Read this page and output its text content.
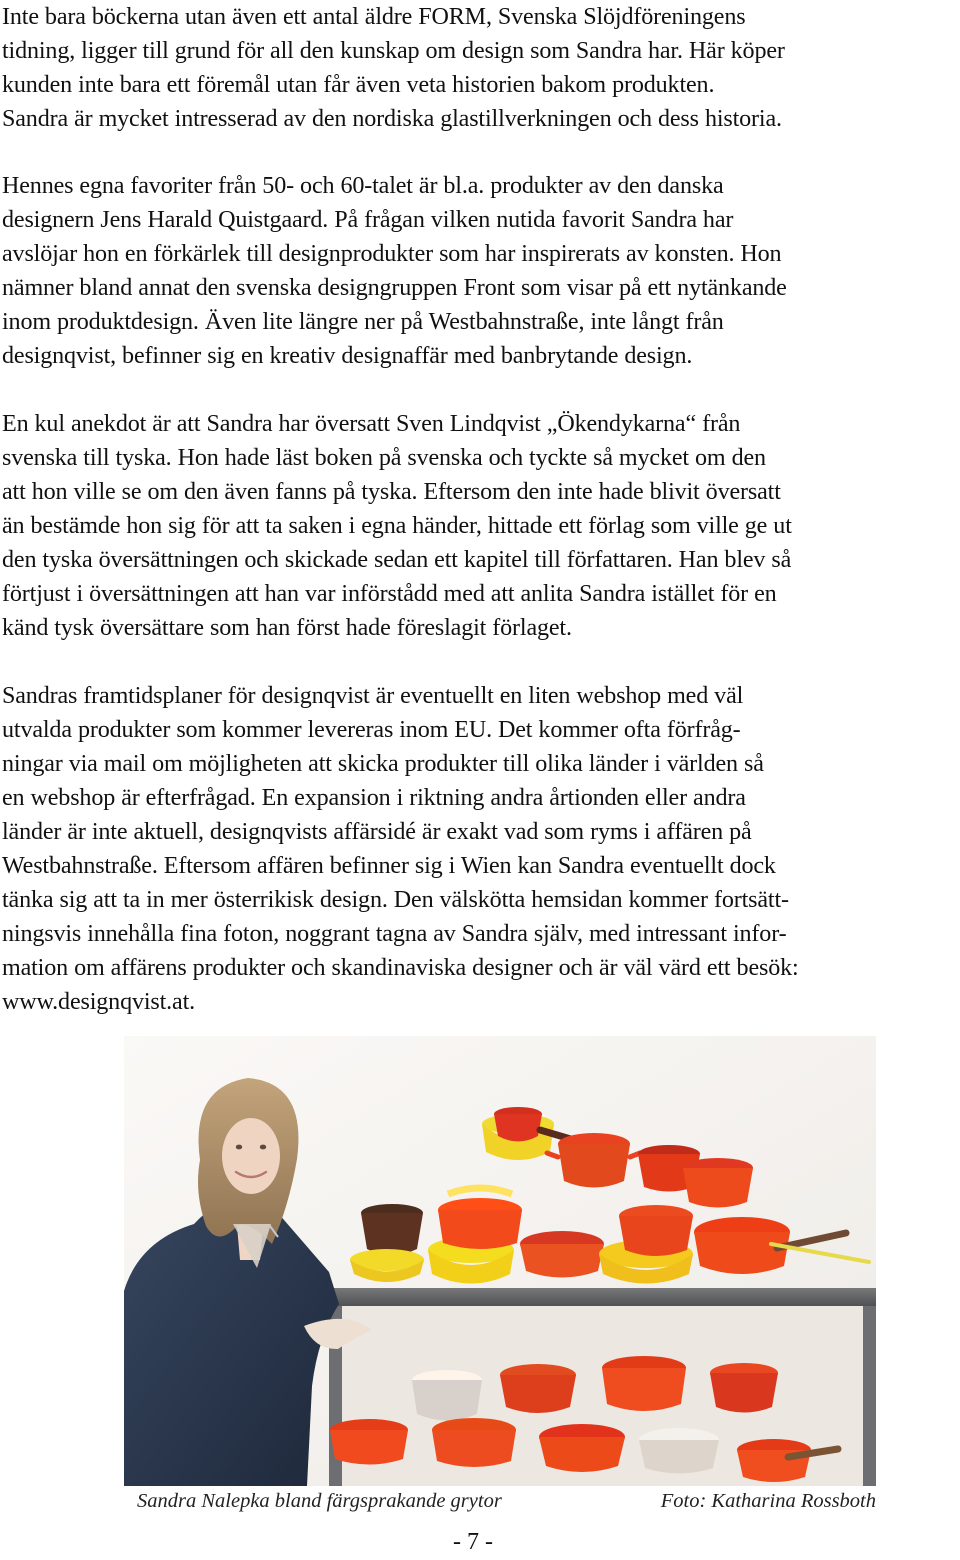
Inte bara böckerna utan även ett antal äldre FORM, Svenska Slöjdföreningens

tidning, ligger till grund för all den kunskap om design som Sandra har. Här köper

kunden inte bara ett föremål utan får även veta historien bakom produkten.

Sandra är mycket intresserad av den nordiska glastillverkningen och dess historia.

Hennes egna favoriter från 50- och 60-talet är bl.a. produkter av den danska

designern Jens Harald Quistgaard. På frågan vilken nutida favorit Sandra har

avslöjar hon en förkärlek till designprodukter som har inspirerats av konsten. Hon

nämner bland annat den svenska designgruppen Front som visar på ett nytänkande

inom produktdesign. Även lite längre ner på Westbahnstraße, inte långt från

designqvist, befinner sig en kreativ designaffär med banbrytande design.

En kul anekdot är att Sandra har översatt Sven Lindqvist „Ökendykarna“ från

svenska till tyska. Hon hade läst boken på svenska och tyckte så mycket om den

att hon ville se om den även fanns på tyska. Eftersom den inte hade blivit översatt

än bestämde hon sig för att ta saken i egna händer, hittade ett förlag som ville ge ut

den tyska översättningen och skickade sedan ett kapitel till författaren. Han blev så

förtjust i översättningen att han var införstådd med att anlita Sandra istället för en

känd tysk översättare som han först hade föreslagit förlaget.

Sandras framtidsplaner för designqvist är eventuellt en liten webshop med väl

utvalda produkter som kommer levereras inom EU. Det kommer ofta förfråg-

ningar via mail om möjligheten att skicka produkter till olika länder i världen så

en webshop är efterfrågad. En expansion i riktning andra årtionden eller andra

länder är inte aktuell, designqvists affärsidé är exakt vad som ryms i affären på

Westbahnstraße. Eftersom affären befinner sig i Wien kan Sandra eventuellt dock

tänka sig att ta in mer österrikisk design. Den välskötta hemsidan kommer fortsätt-

ningsvis innehålla fina foton, noggrant tagna av Sandra själv, med intressant infor-

mation om affärens produkter och skandinaviska designer och är väl värd ett besök:

www.designqvist.at.

Sandra Nalepka bland färgsprakande grytor	Foto: Katharina Rossboth
- 7 -
